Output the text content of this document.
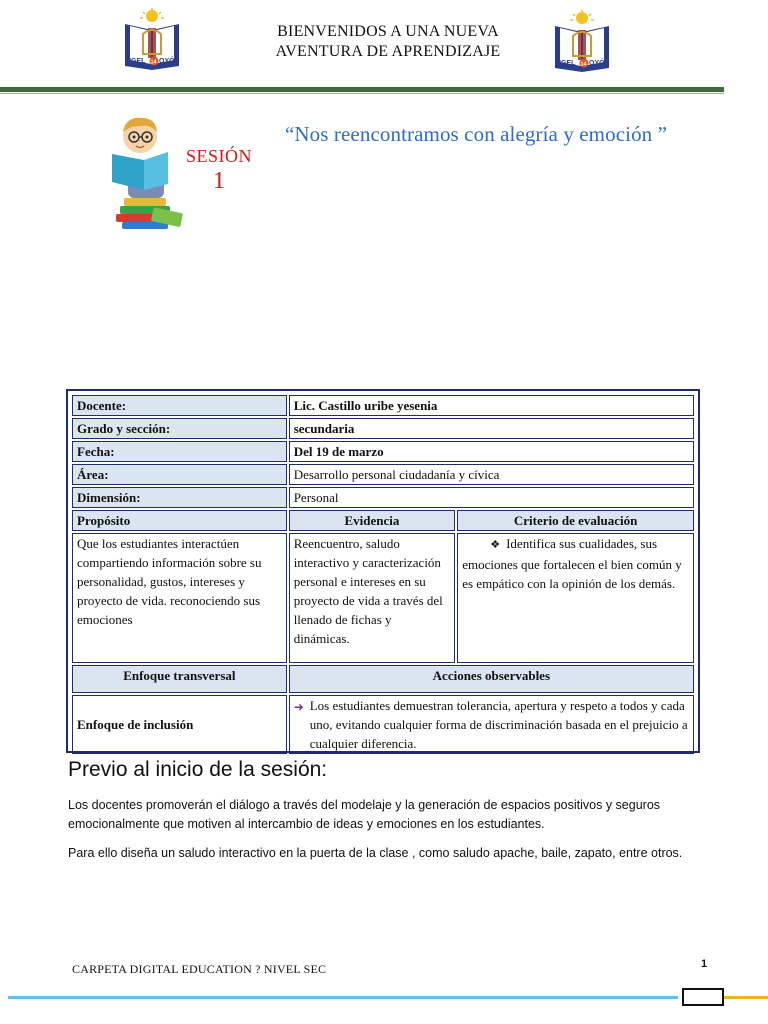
UGEL 14 OYÓN
BIENVENIDOS A UNA NUEVA
AVENTURA DE APRENDIZAJE
UGEL 14 OYÓN
SESIÓN
1
“Nos reencontramos con alegría y emoción ”
Docente:	Lic. Castillo uribe yesenia	
Grado y sección:	secundaria	
Fecha:	Del 19 de marzo	
Área:	Desarrollo personal ciudadanía y cívica	
Dimensión:	Personal	
Propósito	Evidencia	Criterio de evaluación
Que los estudiantes interactúen compartiendo información sobre su personalidad, gustos, intereses y proyecto de vida. reconociendo sus emociones	Reencuentro, saludo interactivo y caracterización personal e intereses en su proyecto de vida a través del llenado de fichas y dinámicas.	❖ Identifica sus cualidades, sus emociones que fortalecen el bien común y es empático con la opinión de los demás.
Enfoque transversal	Acciones observables	
Enfoque de inclusión	➜ Los estudiantes demuestran tolerancia, apertura y respeto a todos y cada uno, evitando cualquier forma de discriminación basada en el prejuicio a cualquier diferencia.	
Previo al inicio de la sesión:
Los docentes promoverán el diálogo a través del modelaje y la generación de espacios positivos y seguros emocionalmente que motiven al intercambio de ideas y emociones en los estudiantes.
Para ello diseña un saludo interactivo en la puerta de la clase , como saludo apache, baile, zapato, entre otros.
CARPETA DIGITAL EDUCATION ? NIVEL SEC	1
